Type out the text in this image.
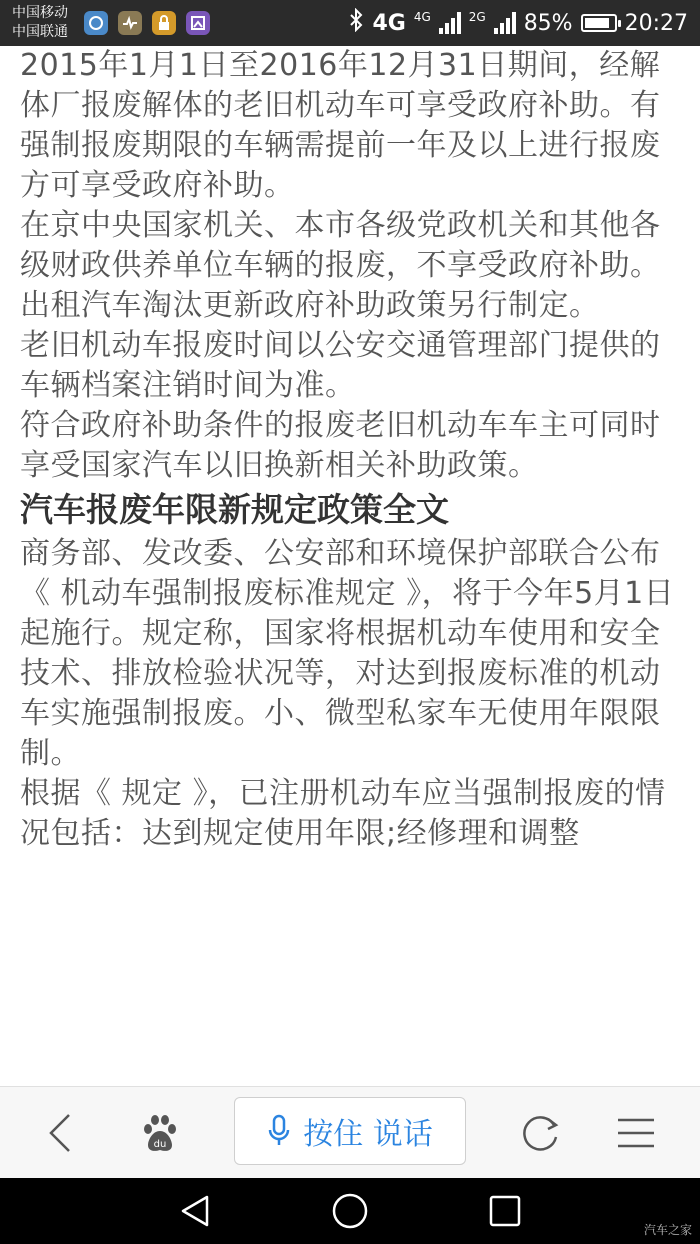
中国移动
中国联通	4G 4G	2G 85% 20:27

2015年1月1日至2016年12月31日期间，经解体厂报废解体的老旧机动车可享受政府补助。有强制报废期限的车辆需提前一年及以上进行报废方可享受政府补助。

在京中央国家机关、本市各级党政机关和其他各级财政供养单位车辆的报废，不享受政府补助。出租汽车淘汰更新政府补助政策另行制定。

老旧机动车报废时间以公安交通管理部门提供的车辆档案注销时间为准。

符合政府补助条件的报废老旧机动车车主可同时享受国家汽车以旧换新相关补助政策。

汽车报废年限新规定政策全文

商务部、发改委、公安部和环境保护部联合公布《 机动车强制报废标准规定 》，将于今年5月1日起施行。规定称，国家将根据机动车使用和安全技术、排放检验状况等，对达到报废标准的机动车实施强制报废。小、微型私家车无使用年限限制。

根据《 规定 》，已注册机动车应当强制报废的情况包括：达到规定使用年限;经修理和调整

du	按住 说话
汽车之家
